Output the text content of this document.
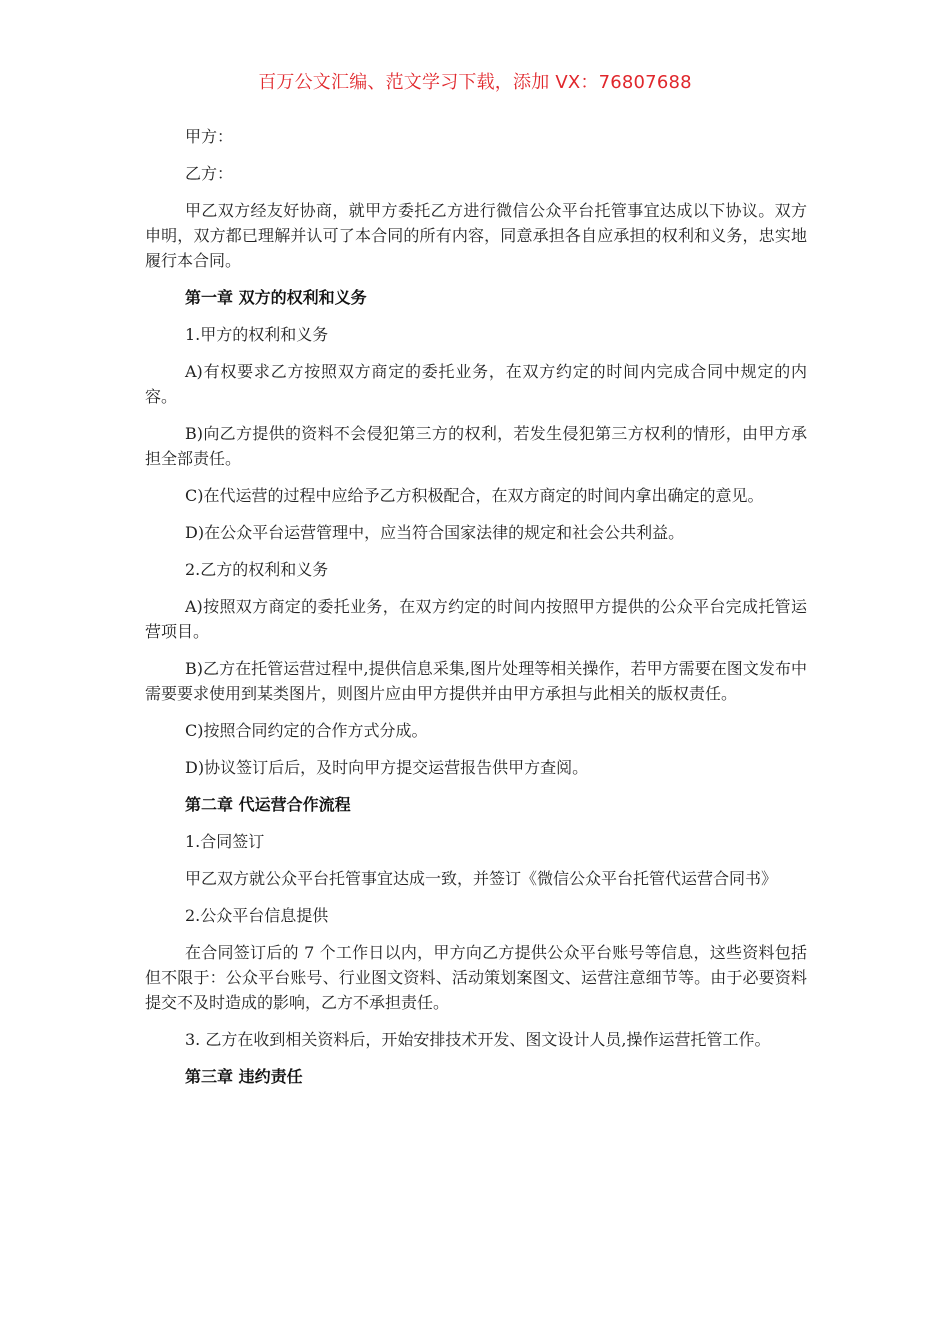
百万公文汇编、范文学习下载，添加 VX：76807688

甲方：

乙方：

甲乙双方经友好协商，就甲方委托乙方进行微信公众平台托管事宜达成以下协议。双方申明，双方都已理解并认可了本合同的所有内容，同意承担各自应承担的权利和义务，忠实地履行本合同。

第一章 双方的权利和义务

1.甲方的权利和义务

A)有权要求乙方按照双方商定的委托业务，在双方约定的时间内完成合同中规定的内容。

B)向乙方提供的资料不会侵犯第三方的权利，若发生侵犯第三方权利的情形，由甲方承担全部责任。

C)在代运营的过程中应给予乙方积极配合，在双方商定的时间内拿出确定的意见。

D)在公众平台运营管理中，应当符合国家法律的规定和社会公共利益。

2.乙方的权利和义务

A)按照双方商定的委托业务，在双方约定的时间内按照甲方提供的公众平台完成托管运营项目。

B)乙方在托管运营过程中,提供信息采集,图片处理等相关操作，若甲方需要在图文发布中需要要求使用到某类图片，则图片应由甲方提供并由甲方承担与此相关的版权责任。

C)按照合同约定的合作方式分成。

D)协议签订后后，及时向甲方提交运营报告供甲方查阅。

第二章 代运营合作流程

1.合同签订

甲乙双方就公众平台托管事宜达成一致，并签订《微信公众平台托管代运营合同书》

2.公众平台信息提供

在合同签订后的 7 个工作日以内，甲方向乙方提供公众平台账号等信息，这些资料包括但不限于：公众平台账号、行业图文资料、活动策划案图文、运营注意细节等。由于必要资料提交不及时造成的影响，乙方不承担责任。

3. 乙方在收到相关资料后，开始安排技术开发、图文设计人员,操作运营托管工作。

第三章 违约责任
